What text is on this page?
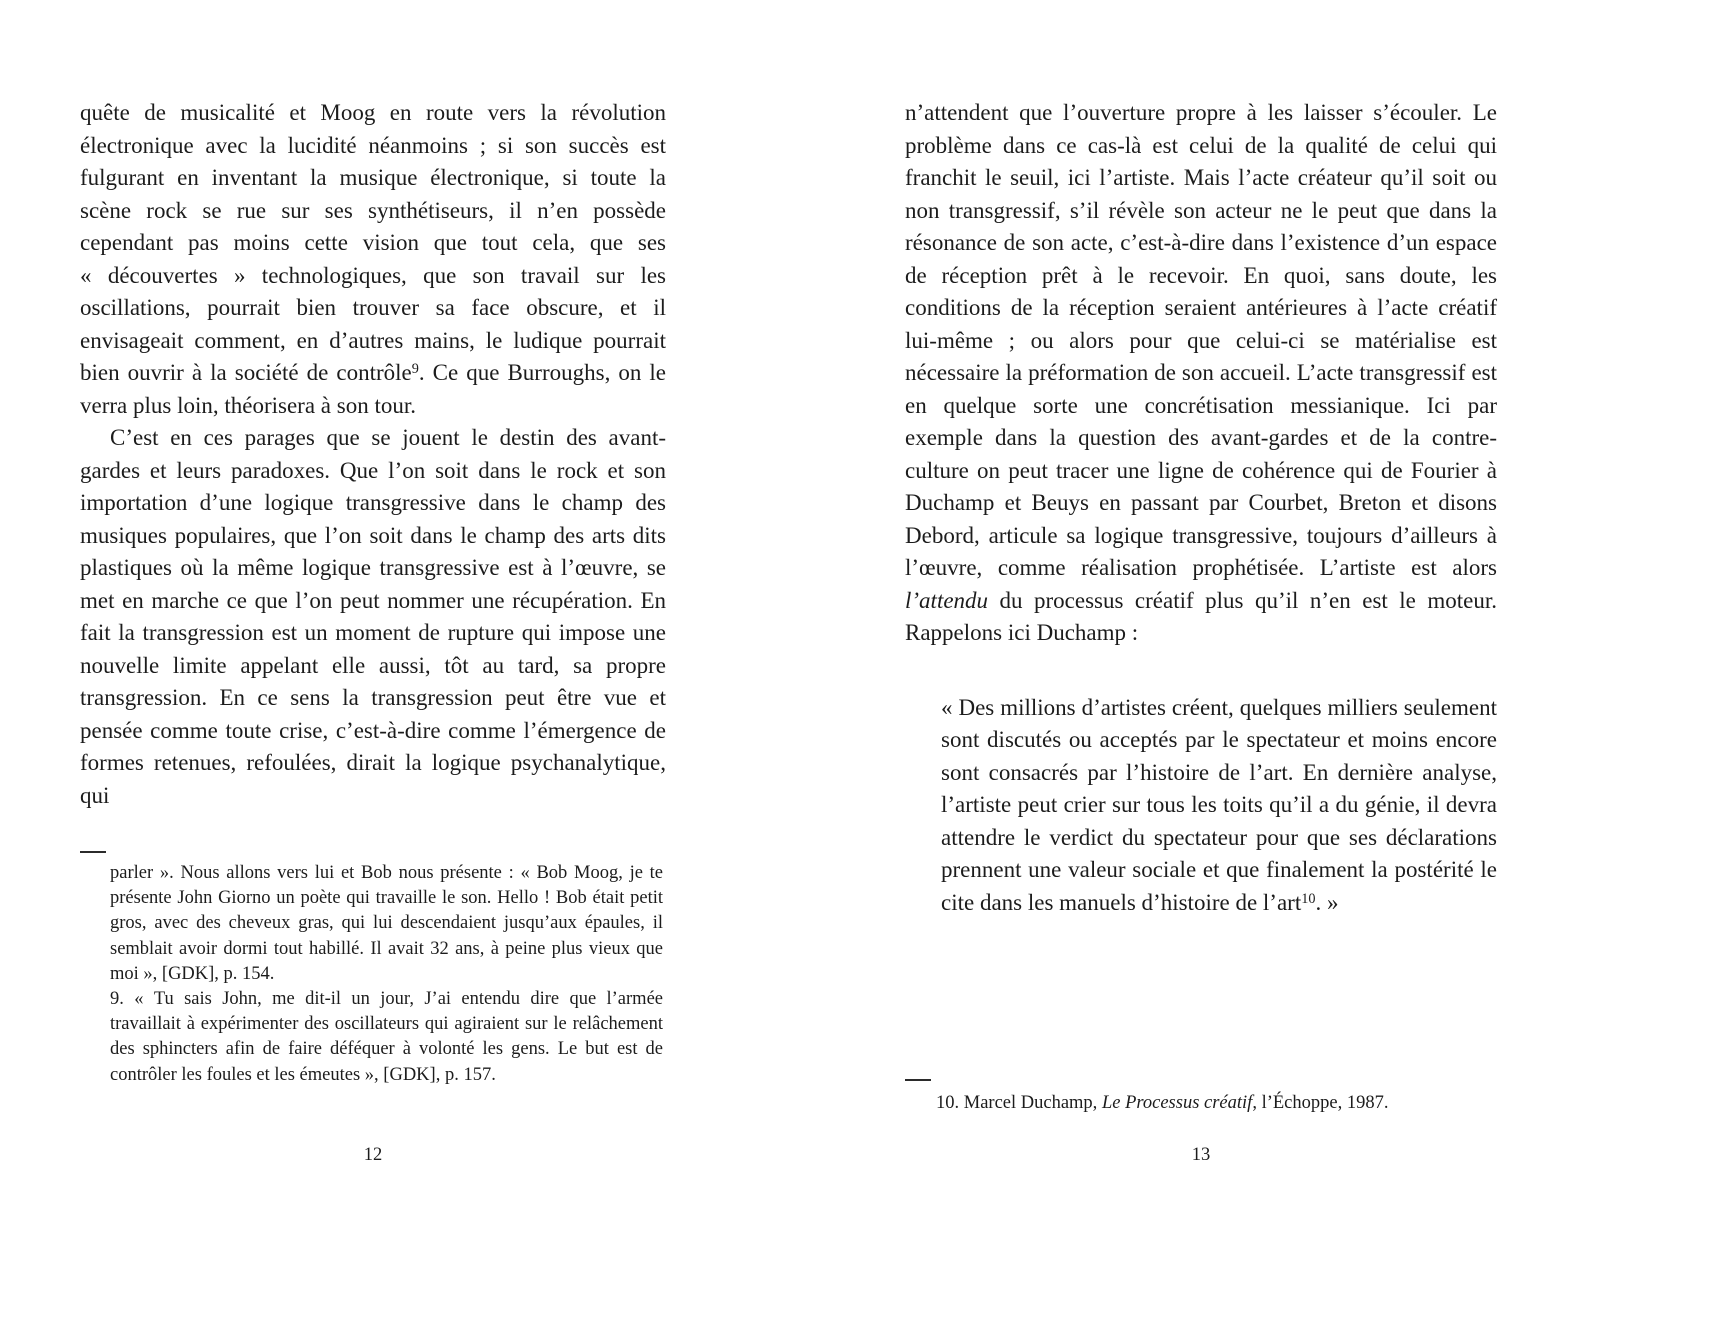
quête de musicalité et Moog en route vers la révolution électronique avec la lucidité néanmoins ; si son succès est fulgurant en inventant la musique électronique, si toute la scène rock se rue sur ses synthétiseurs, il n’en possède cependant pas moins cette vision que tout cela, que ses « découvertes » technologiques, que son travail sur les oscillations, pourrait bien trouver sa face obscure, et il envisageait comment, en d’autres mains, le ludique pourrait bien ouvrir à la société de contrôle$^9$. Ce que Burroughs, on le verra plus loin, théorisera à son tour.

C’est en ces parages que se jouent le destin des avant-gardes et leurs paradoxes. Que l’on soit dans le rock et son importation d’une logique transgressive dans le champ des musiques populaires, que l’on soit dans le champ des arts dits plastiques où la même logique transgressive est à l’œuvre, se met en marche ce que l’on peut nommer une récupération. En fait la transgression est un moment de rupture qui impose une nouvelle limite appelant elle aussi, tôt au tard, sa propre transgression. En ce sens la transgression peut être vue et pensée comme toute crise, c’est-à-dire comme l’émergence de formes retenues, refoulées, dirait la logique psychanalytique, qui

parler ». Nous allons vers lui et Bob nous présente : « Bob Moog, je te présente John Giorno un poète qui travaille le son. Hello ! Bob était petit gros, avec des cheveux gras, qui lui descendaient jusqu’aux épaules, il semblait avoir dormi tout habillé. Il avait 32 ans, à peine plus vieux que moi », [GDK], p. 154.

9. « Tu sais John, me dit-il un jour, J’ai entendu dire que l’armée travaillait à expérimenter des oscillateurs qui agiraient sur le relâchement des sphincters afin de faire déféquer à volonté les gens. Le but est de contrôler les foules et les émeutes », [GDK], p. 157.

12

n’attendent que l’ouverture propre à les laisser s’écouler. Le problème dans ce cas-là est celui de la qualité de celui qui franchit le seuil, ici l’artiste. Mais l’acte créateur qu’il soit ou non transgressif, s’il révèle son acteur ne le peut que dans la résonance de son acte, c’est-à-dire dans l’existence d’un espace de réception prêt à le recevoir. En quoi, sans doute, les conditions de la réception seraient antérieures à l’acte créatif lui-même ; ou alors pour que celui-ci se matérialise est nécessaire la préformation de son accueil. L’acte transgressif est en quelque sorte une concrétisation messianique. Ici par exemple dans la question des avant-gardes et de la contre-culture on peut tracer une ligne de cohérence qui de Fourier à Duchamp et Beuys en passant par Courbet, Breton et disons Debord, articule sa logique transgressive, toujours d’ailleurs à l’œuvre, comme réalisation prophétisée. L’artiste est alors l’attendu du processus créatif plus qu’il n’en est le moteur. Rappelons ici Duchamp :

« Des millions d’artistes créent, quelques milliers seulement sont discutés ou acceptés par le spectateur et moins encore sont consacrés par l’histoire de l’art. En dernière analyse, l’artiste peut crier sur tous les toits qu’il a du génie, il devra attendre le verdict du spectateur pour que ses déclarations prennent une valeur sociale et que finalement la postérité le cite dans les manuels d’histoire de l’art$^{10}$. »

10. Marcel Duchamp, Le Processus créatif, l’Échoppe, 1987.

13
